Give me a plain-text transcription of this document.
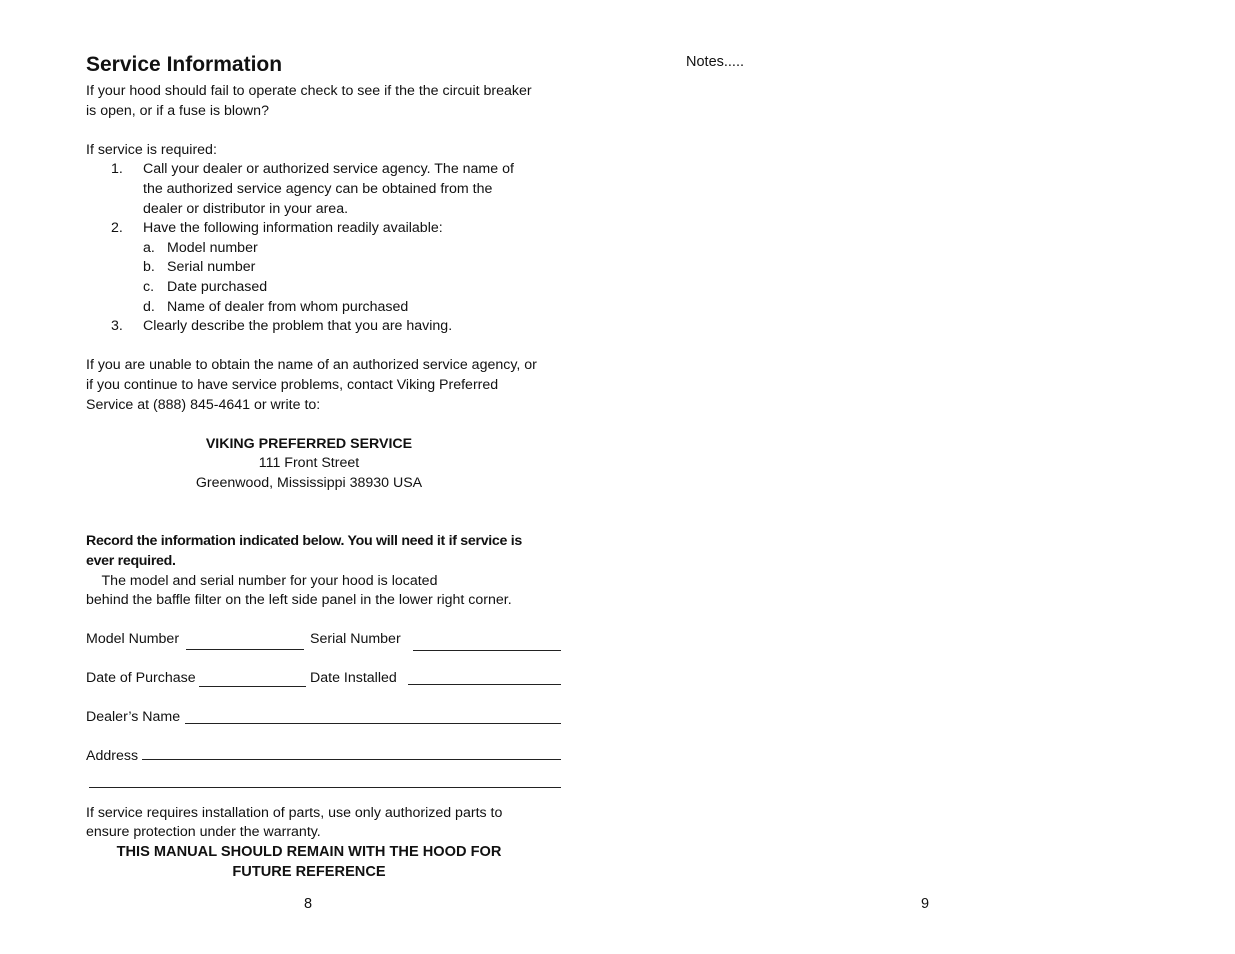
Service Information

If your hood should fail to operate check to see if the the circuit breaker

is open, or if a fuse is blown?

If service is required:

1.	Call your dealer or authorized service agency. The name of
the authorized service agency can be obtained from the
dealer or distributor in your area.
2.	Have the following information readily available:
a. Model number
b. Serial number
c. Date purchased
d. Name of dealer from whom purchased
3.	Clearly describe the problem that you are having.

If you are unable to obtain the name of an authorized service agency, or

if you continue to have service problems, contact Viking Preferred

Service at (888) 845-4641 or write to:

VIKING PREFERRED SERVICE
111 Front Street
Greenwood, Mississippi 38930 USA

Record the information indicated below. You will need it if service is

ever required.    The model and serial number for your hood is located

behind the baffle filter on the left side panel in the lower right corner.

Model Number	Serial Number
Date of Purchase	Date Installed
Dealer’s Name
Address

If service requires installation of parts, use only authorized parts to

ensure protection under the warranty.

THIS MANUAL SHOULD REMAIN WITH THE HOOD FOR
FUTURE REFERENCE
Notes.....
8	9
